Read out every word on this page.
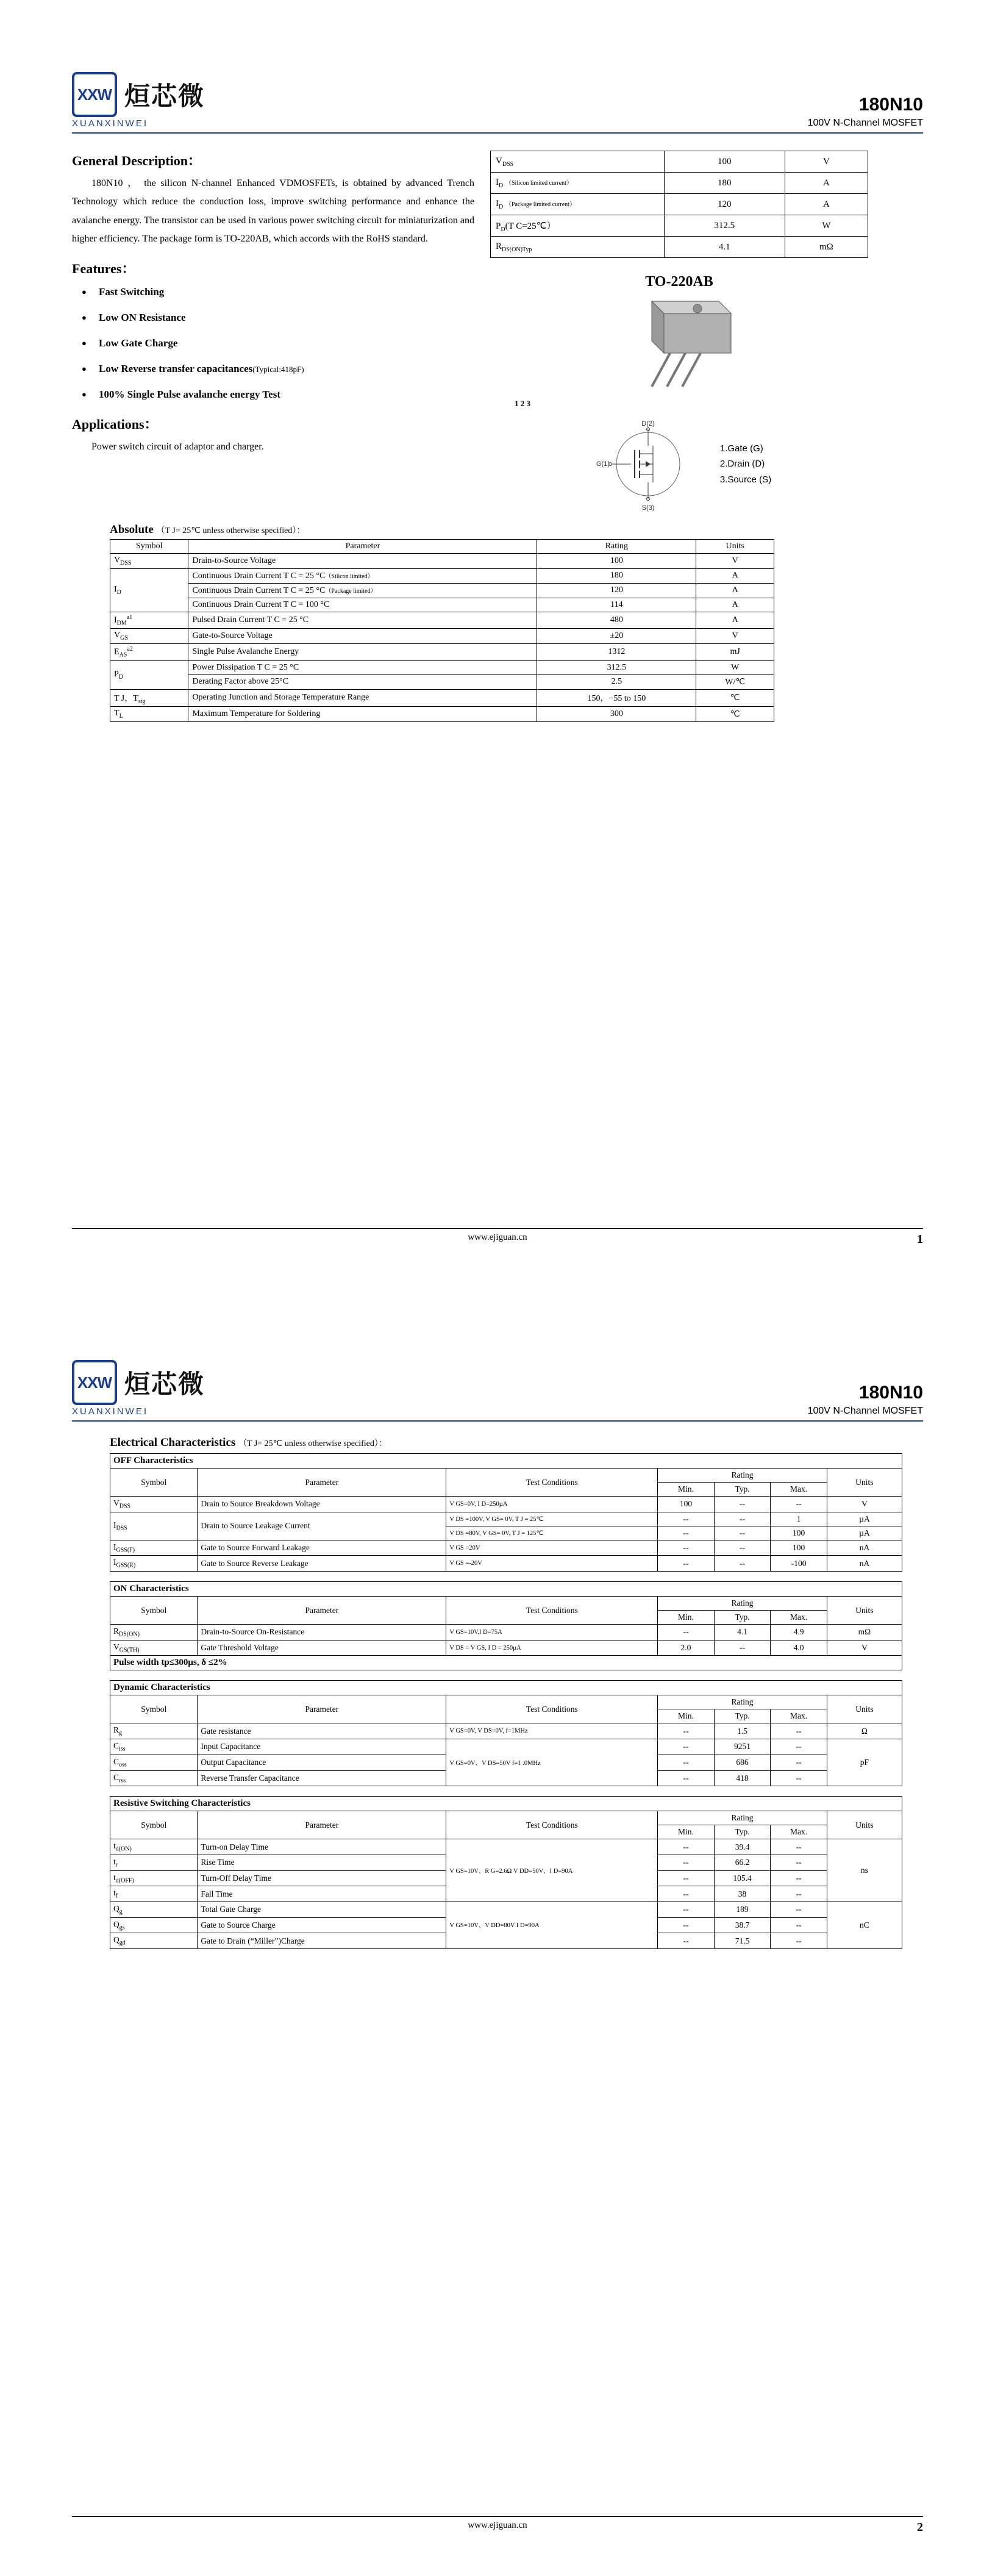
XXW 烜芯微
XUANXINWEI
180N10
100V N-Channel MOSFET
General Description：

180N10 ， the silicon N-channel Enhanced VDMOSFETs, is obtained by advanced Trench Technology which reduce the conduction loss, improve switching performance and enhance the avalanche energy. The transistor can be used in various power switching circuit for miniaturization and higher efficiency. The package form is TO-220AB, which accords with the RoHS standard.

Features：
● Fast Switching
● Low ON Resistance
● Low Gate Charge
● Low Reverse transfer capacitances(Typical:418pF)
● 100% Single Pulse avalanche energy Test
Applications：

Power switch circuit of adaptor and charger.

$V_{DSS}$	100	V
$I_D$ （Silicon limited current）	180	A
$I_D$ （Package limited current）	120	A
$P_D(T$ C=25℃）	312.5	W
$R_{DS(ON)Typ}$	4.1	mΩ
TO-220AB
1 2 3
D(2)
G(1)
S(3)
1.Gate (G)
2.Drain (D)
3.Source (S)
Absolute （T J= 25℃ unless otherwise specified）：
Symbol	Parameter	Rating	Units
$V_{DSS}$	Drain-to-Source Voltage	100	V
$I_D$	Continuous Drain Current T C = 25 °C（Silicon limited）	180	A
	Continuous Drain Current T C = 25 °C（Package limited）	120	A
	Continuous Drain Current T C = 100 °C	114	A
$I_{DM}^{a1}$	Pulsed Drain Current T C = 25 °C	480	A
$V_{GS}$	Gate-to-Source Voltage	±20	V
$E_{AS}^{a2}$	Single Pulse Avalanche Energy	1312	mJ
$P_D$	Power Dissipation T C = 25 °C	312.5	W
	Derating Factor above 25°C	2.5	W/℃
T J，$T_{stg}$	Operating Junction and Storage Temperature Range	150，−55 to 150	℃
$T_L$	Maximum Temperature for Soldering	300	℃
www.ejiguan.cn	1
XXW 烜芯微
XUANXINWEI
180N10
100V N-Channel MOSFET
Electrical Characteristics （T J= 25℃ unless otherwise specified）：
OFF Characteristics						
Symbol	Parameter	Test Conditions	Rating			Units
			Min.	Typ.	Max.	
$V_{DSS}$	Drain to Source Breakdown Voltage	V GS=0V, I D=250µA	100	--	--	V
$I_{DSS}$	Drain to Source Leakage Current	V DS =100V, V GS= 0V, T J = 25℃	--	--	1	µA
		V DS =80V, V GS= 0V, T J = 125℃	--	--	100	µA
$I_{GSS(F)}$	Gate to Source Forward Leakage	V GS =20V	--	--	100	nA
$I_{GSS(R)}$	Gate to Source Reverse Leakage	V GS =-20V	--	--	-100	nA
ON Characteristics						
Symbol	Parameter	Test Conditions	Rating			Units
			Min.	Typ.	Max.	
$R_{DS(ON)}$	Drain-to-Source On-Resistance	V GS=10V,I D=75A	--	4.1	4.9	mΩ
$V_{GS(TH)}$	Gate Threshold Voltage	V DS = V GS, I D = 250µA	2.0	--	4.0	V
Pulse width tp≤300µs, δ ≤2%						
Dynamic Characteristics						
Symbol	Parameter	Test Conditions	Rating			Units
			Min.	Typ.	Max.	
$R_g$	Gate resistance	V GS=0V, V DS=0V, f=1MHz	--	1.5	--	Ω
$C_{iss}$	Input Capacitance	V GS=0V、V DS=50V f=1 .0MHz	--	9251	--	pF
$C_{oss}$	Output Capacitance		--	686	--	
$C_{rss}$	Reverse Transfer Capacitance		--	418	--	
Resistive Switching Characteristics						
Symbol	Parameter	Test Conditions	Rating			Units
			Min.	Typ.	Max.	
$t_{d(ON)}$	Turn-on Delay Time	V GS=10V、R G=2.6Ω V DD=50V、I D=90A	--	39.4	--	ns
$t_r$	Rise Time		--	66.2	--	
$t_{d(OFF)}$	Turn-Off Delay Time		--	105.4	--	
$t_f$	Fall Time		--	38	--	
$Q_g$	Total Gate Charge	V GS=10V、V DD=80V I D=90A	--	189	--	nC
$Q_{gs}$	Gate to Source Charge		--	38.7	--	
$Q_{gd}$	Gate to Drain (“Miller”)Charge		--	71.5	--	
www.ejiguan.cn	2
